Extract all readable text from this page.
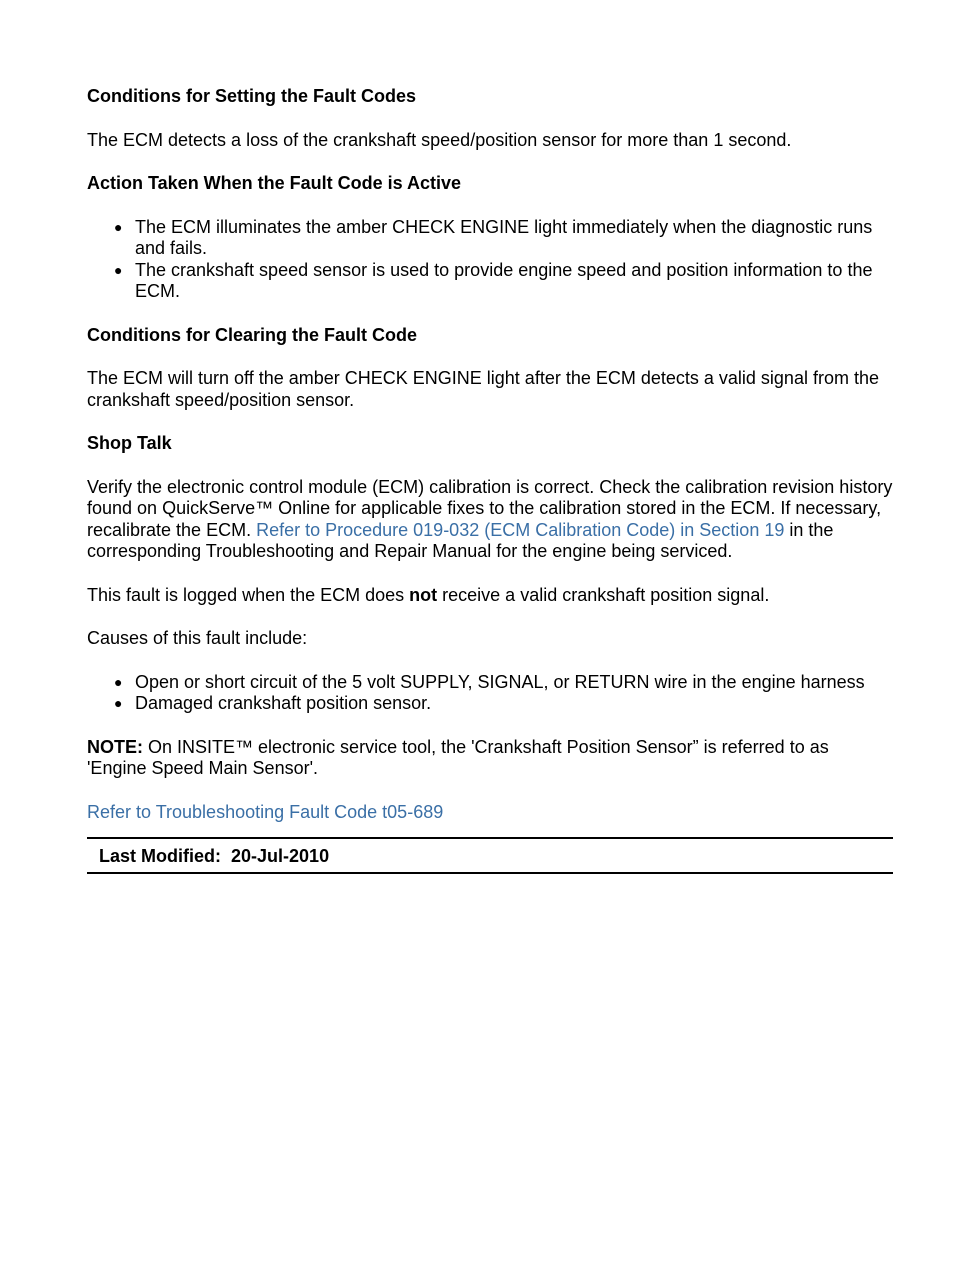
Conditions for Setting the Fault Codes

The ECM detects a loss of the crankshaft speed/position sensor for more than 1 second.

Action Taken When the Fault Code is Active

● The ECM illuminates the amber CHECK ENGINE light immediately when the diagnostic runs and fails.
● The crankshaft speed sensor is used to provide engine speed and position information to the ECM.

Conditions for Clearing the Fault Code

The ECM will turn off the amber CHECK ENGINE light after the ECM detects a valid signal from the crankshaft speed/position sensor.

Shop Talk

Verify the electronic control module (ECM) calibration is correct. Check the calibration revision history found on QuickServe™ Online for applicable fixes to the calibration stored in the ECM. If necessary, recalibrate the ECM. Refer to Procedure 019-032 (ECM Calibration Code) in Section 19 in the corresponding Troubleshooting and Repair Manual for the engine being serviced.

This fault is logged when the ECM does not receive a valid crankshaft position signal.

Causes of this fault include:

● Open or short circuit of the 5 volt SUPPLY, SIGNAL, or RETURN wire in the engine harness
● Damaged crankshaft position sensor.

NOTE: On INSITE™ electronic service tool, the 'Crankshaft Position Sensor” is referred to as 'Engine Speed Main Sensor'.

Refer to Troubleshooting Fault Code t05-689

Last Modified: 20-Jul-2010
